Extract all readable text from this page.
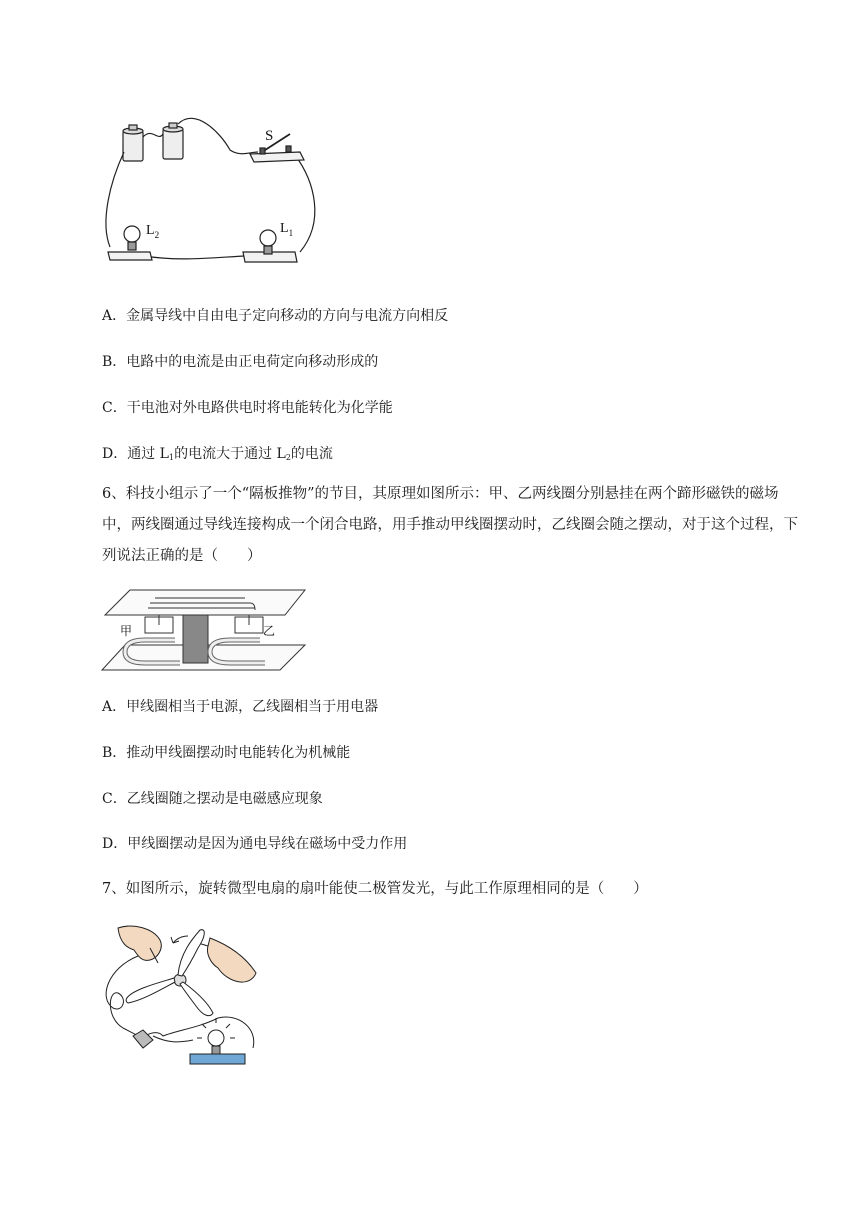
S
$L_2$	$L_1$
A．金属导线中自由电子定向移动的方向与电流方向相反
B．电路中的电流是由正电荷定向移动形成的
C．干电池对外电路供电时将电能转化为化学能
D．通过 $L_1$的电流大于通过 $L_2$的电流
6、科技小组示了一个“隔板推物”的节目，其原理如图所示：甲、乙两线圈分别悬挂在两个蹄形磁铁的磁场中，两线圈通过导线连接构成一个闭合电路，用手推动甲线圈摆动时，乙线圈会随之摆动，对于这个过程，下列说法正确的是（　　）
甲	乙
A．甲线圈相当于电源，乙线圈相当于用电器
B．推动甲线圈摆动时电能转化为机械能
C．乙线圈随之摆动是电磁感应现象
D．甲线圈摆动是因为通电导线在磁场中受力作用
7、如图所示，旋转微型电扇的扇叶能使二极管发光，与此工作原理相同的是（　　）
